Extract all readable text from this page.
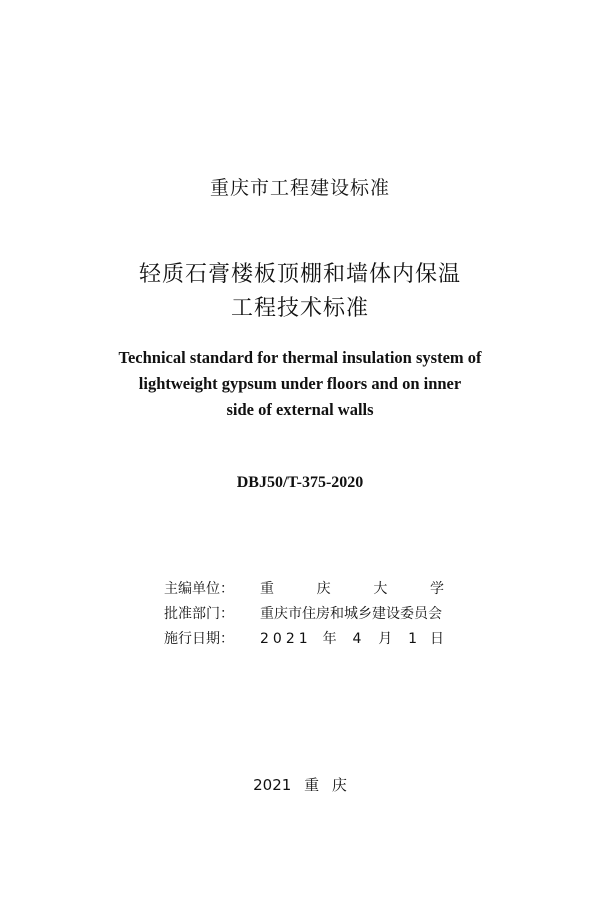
重庆市工程建设标准
轻质石膏楼板顶棚和墙体内保温
工程技术标准
Technical standard for thermal insulation system of
lightweight gypsum under floors and on inner
side of external walls
DBJ50/T-375-2020
主编单位：	重	庆	大	学
批准部门：	重庆市住房和城乡建设委员会
施行日期：	2 0 2 1	年	4	月	1 日
2021 重 庆
